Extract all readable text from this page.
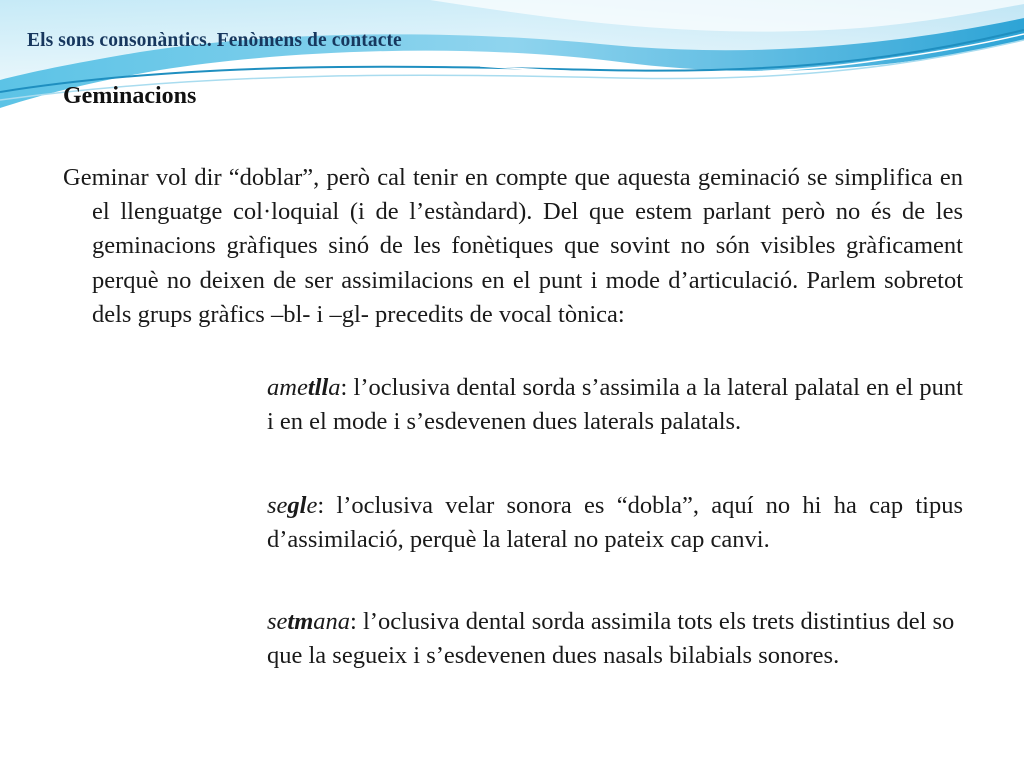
Els sons consonàntics. Fenòmens de contacte
Geminacions
Geminar vol dir “doblar”, però cal tenir en compte que aquesta geminació se simplifica en el llenguatge col·loquial (i de l’estàndard). Del que estem parlant però no és de les geminacions gràfiques sinó de les fonètiques que sovint no són visibles gràficament perquè no deixen de ser assimilacions en el punt i mode d’articulació. Parlem sobretot dels grups gràfics –bl- i –gl- precedits de vocal tònica:
ametlla: l’oclusiva dental sorda s’assimila a la lateral palatal en el punt i en el mode i s’esdevenen dues laterals palatals.
segle: l’oclusiva velar sonora es “dobla”, aquí no hi ha cap tipus d’assimilació, perquè la lateral no pateix cap canvi.
setmana: l’oclusiva dental sorda assimila tots els trets distintius del so que la segueix i s’esdevenen dues nasals bilabials sonores.
